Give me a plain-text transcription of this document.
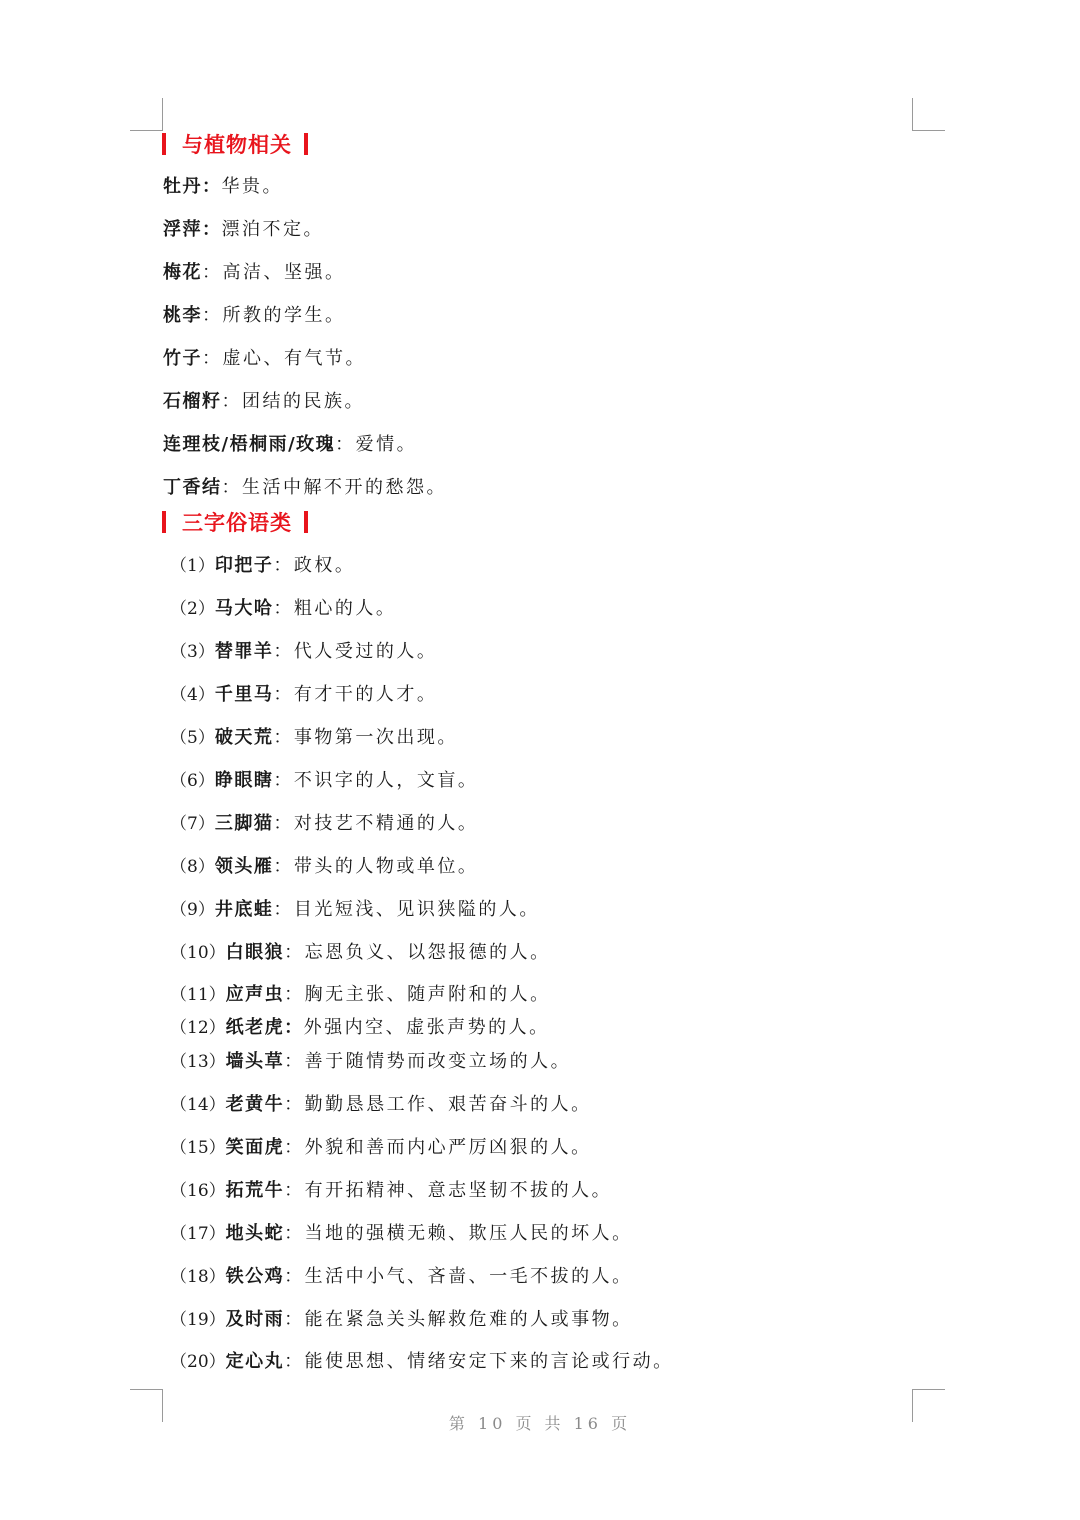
与植物相关
牡丹：华贵。
浮萍：漂泊不定。
梅花：高洁、坚强。
桃李：所教的学生。
竹子：虚心、有气节。
石榴籽：团结的民族。
连理枝/梧桐雨/玫瑰：爱情。
丁香结：生活中解不开的愁怨。
三字俗语类
（1）印把子：政权。
（2）马大哈：粗心的人。
（3）替罪羊：代人受过的人。
（4）千里马：有才干的人才。
（5）破天荒：事物第一次出现。
（6）睁眼瞎：不识字的人，文盲。
（7）三脚猫：对技艺不精通的人。
（8）领头雁：带头的人物或单位。
（9）井底蛙：目光短浅、见识狭隘的人。
（10）白眼狼：忘恩负义、以怨报德的人。
（11）应声虫：胸无主张、随声附和的人。
（12）纸老虎：外强内空、虚张声势的人。
（13）墙头草：善于随情势而改变立场的人。
（14）老黄牛：勤勤恳恳工作、艰苦奋斗的人。
（15）笑面虎：外貌和善而内心严厉凶狠的人。
（16）拓荒牛：有开拓精神、意志坚韧不拔的人。
（17）地头蛇：当地的强横无赖、欺压人民的坏人。
（18）铁公鸡：生活中小气、吝啬、一毛不拔的人。
（19）及时雨：能在紧急关头解救危难的人或事物。
（20）定心丸：能使思想、情绪安定下来的言论或行动。
第 10 页 共 16 页
